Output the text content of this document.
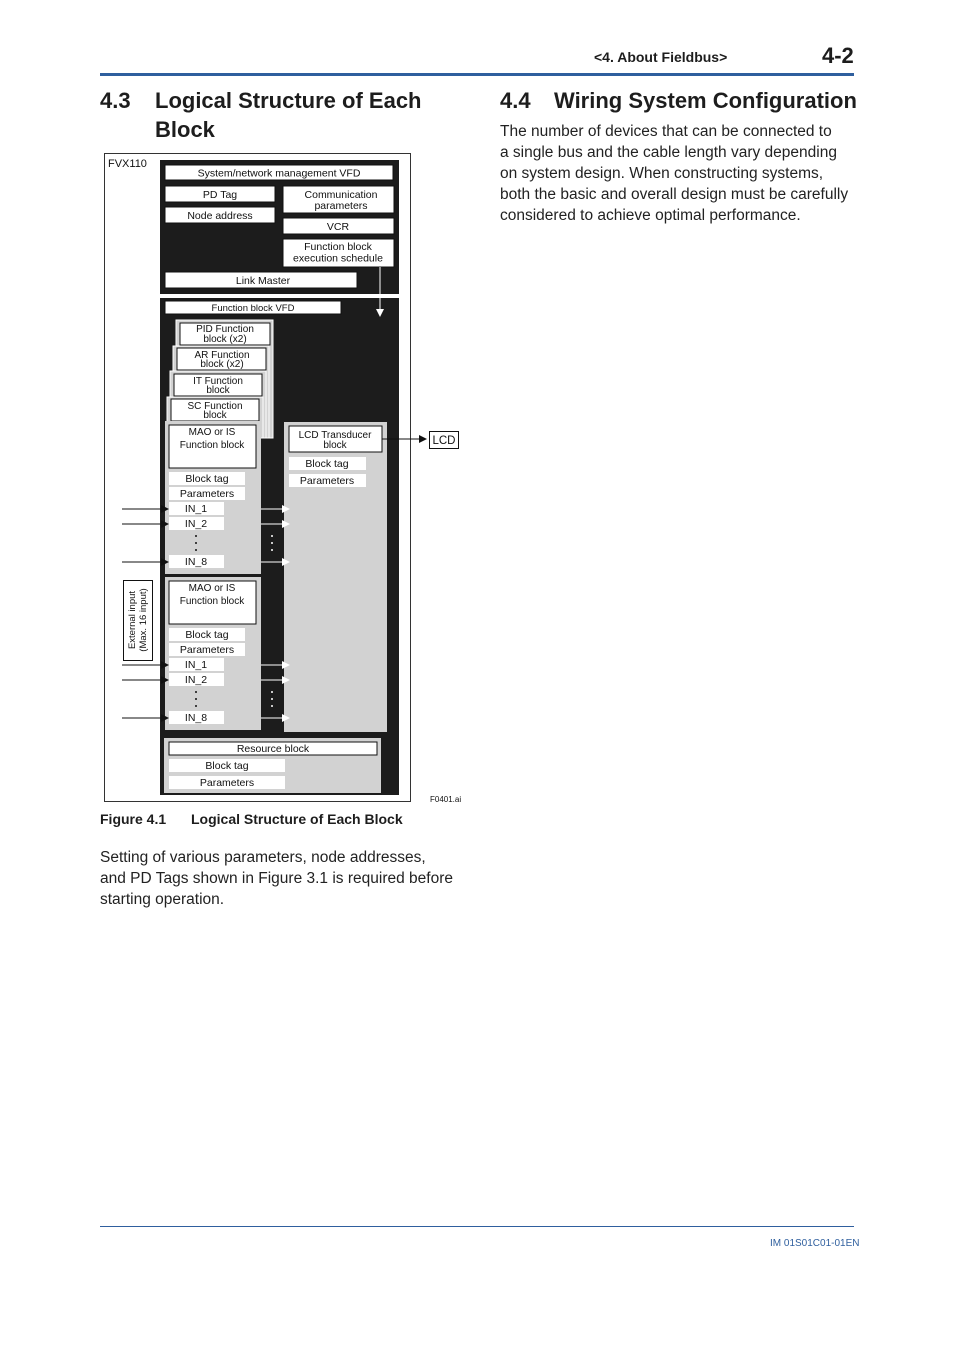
<4. About Fieldbus>	4-2
4.3 Logical Structure of Each
Block
4.4 Wiring System Configuration
The number of devices that can be connected to
a single bus and the cable length vary depending
on system design. When constructing systems,
both the basic and overall design must be carefully
considered to achieve optimal performance.
FVX110
System/network management VFD
PD Tag
Node address
Communication
parameters
VCR
Function block
execution schedule
Link Master
Function block VFD
PID Function
block (x2)
AR Function
block (x2)
IT Function
block
SC Function
block
MAO or IS
Function block
Block tag
Parameters
IN_1
IN_2
IN_8
MAO or IS
Function block
Block tag
Parameters
IN_1
IN_2
IN_8
LCD Transducer
block
Block tag
Parameters
LCD
External input (Max. 16 input)
Resource block
Block tag
Parameters
F0401.ai
Figure 4.1 Logical Structure of Each Block
Setting of various parameters, node addresses,
and PD Tags shown in Figure 3.1 is required before
starting operation.
IM 01S01C01-01EN
